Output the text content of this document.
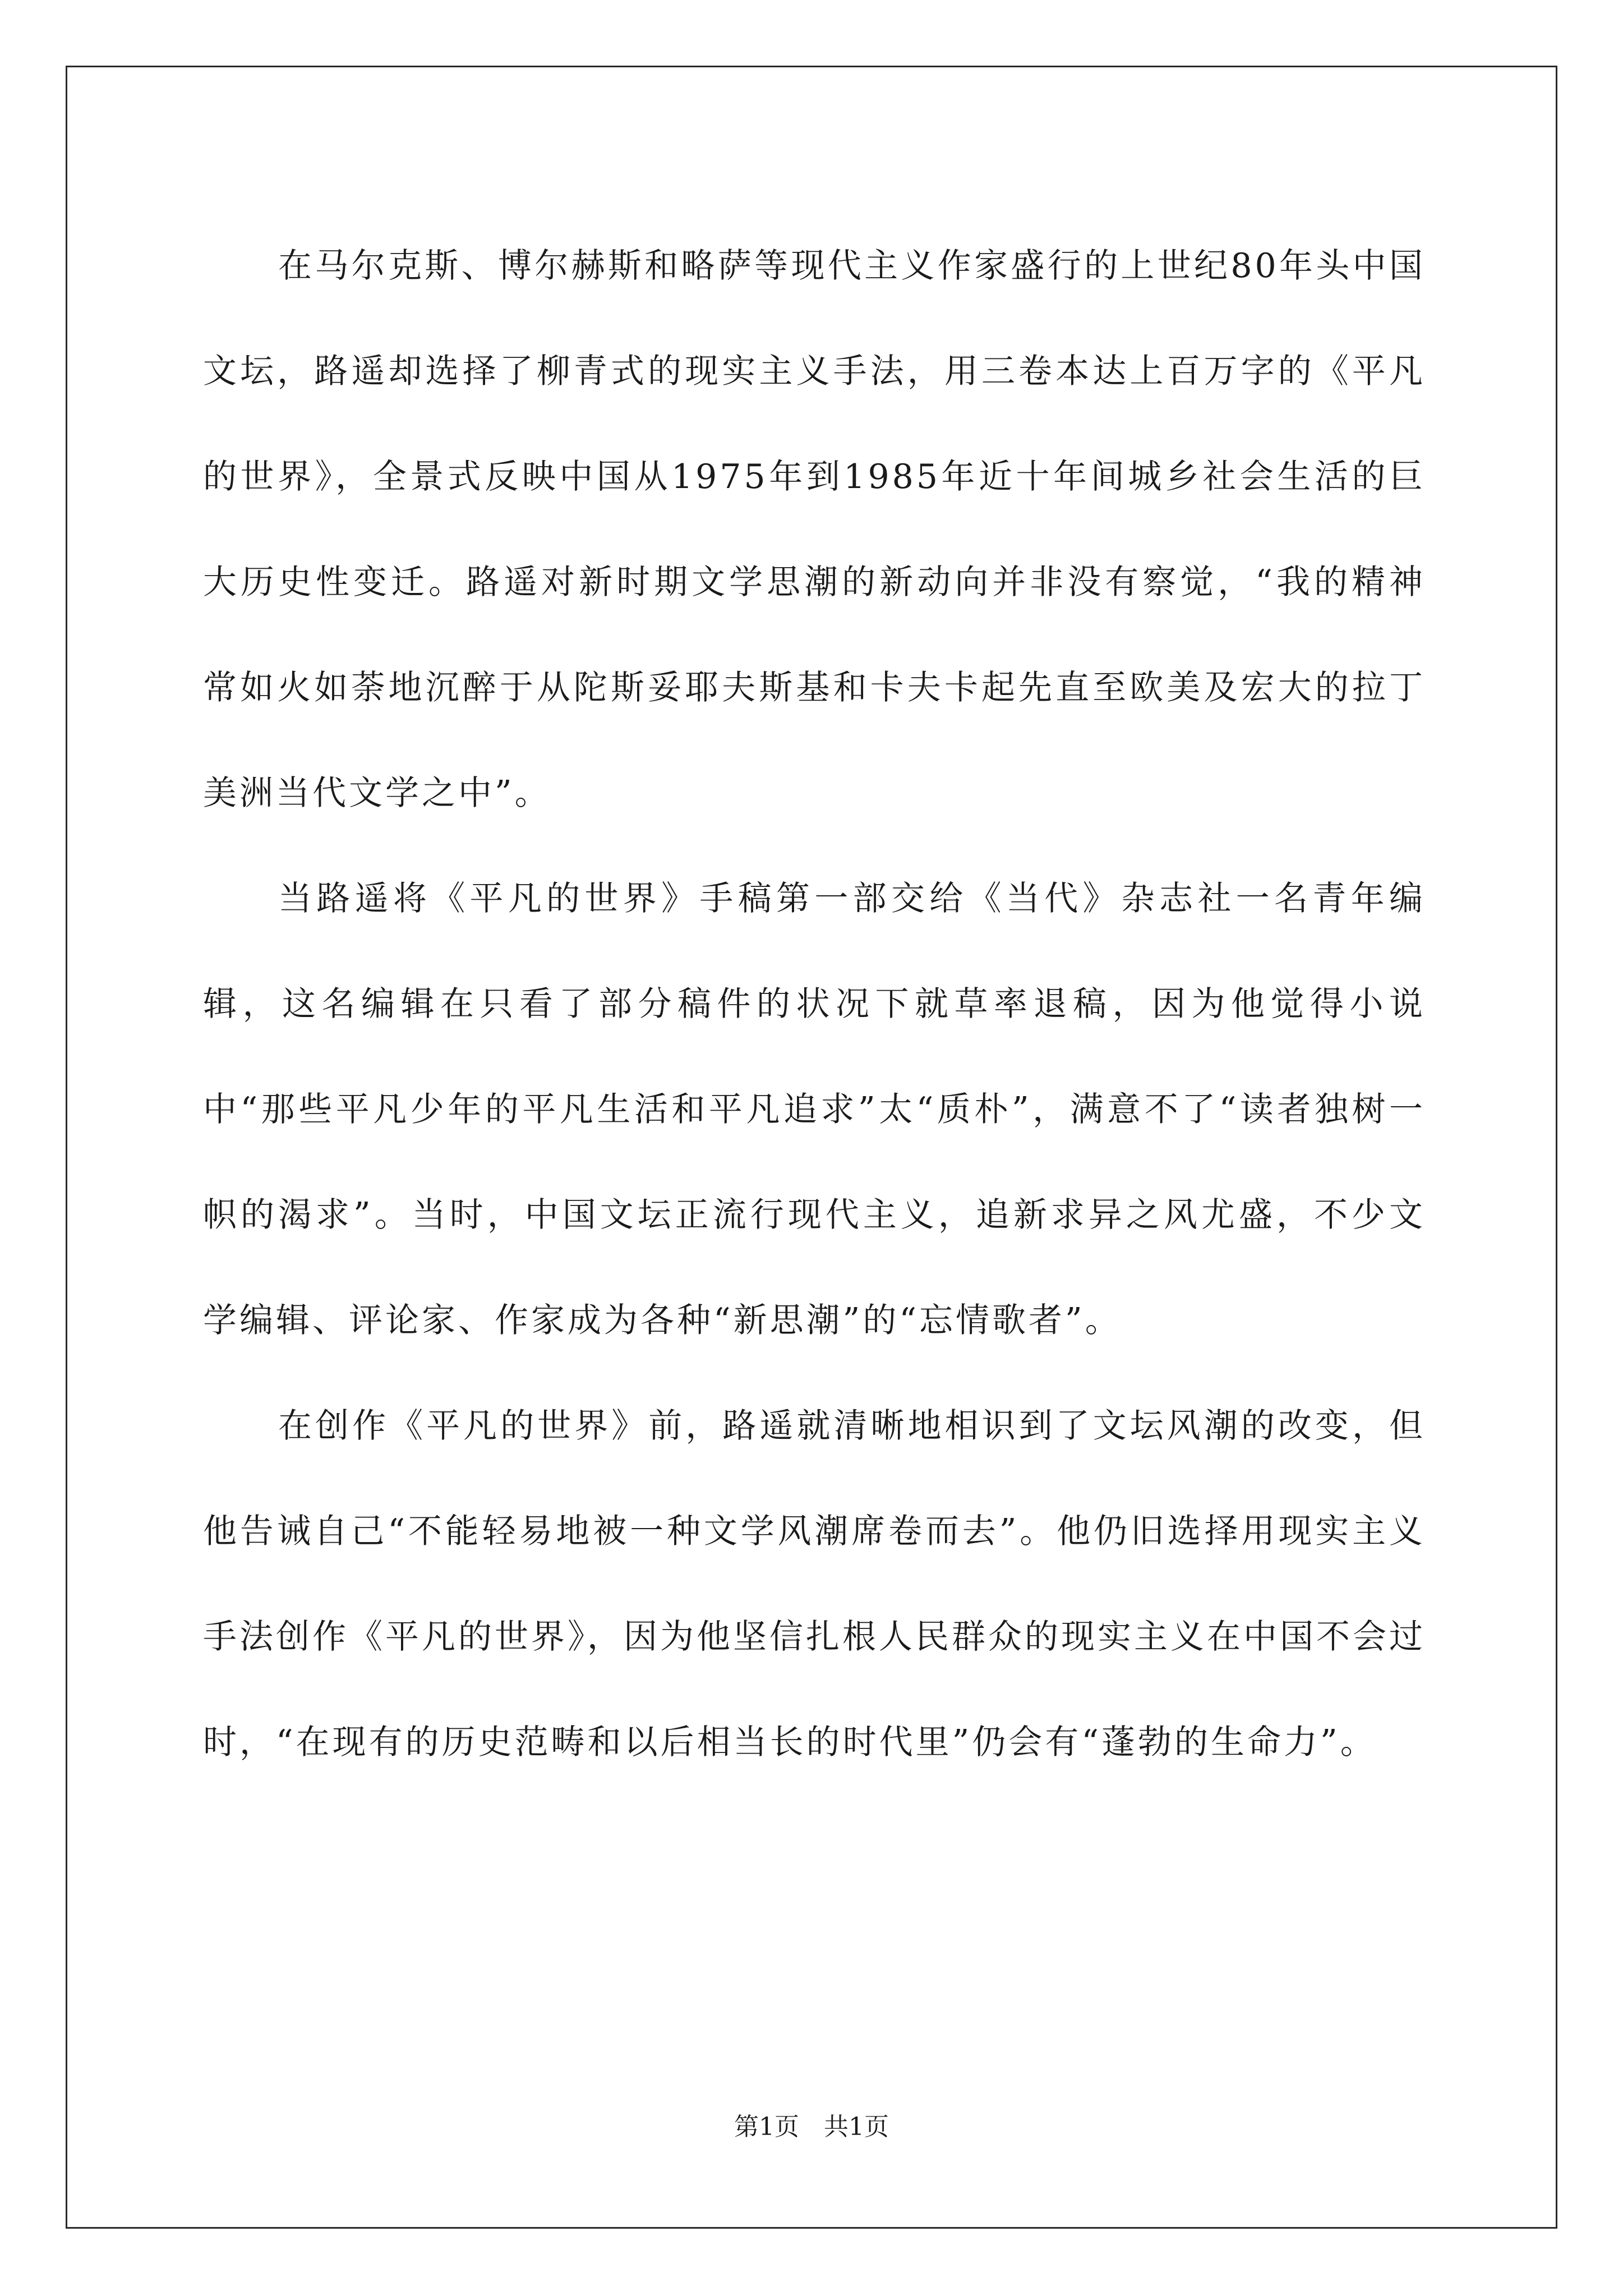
在马尔克斯、博尔赫斯和略萨等现代主义作家盛行的上世纪80年头中国文坛，路遥却选择了柳青式的现实主义手法，用三卷本达上百万字的《平凡的世界》，全景式反映中国从1975年到1985年近十年间城乡社会生活的巨大历史性变迁。路遥对新时期文学思潮的新动向并非没有察觉，“我的精神常如火如荼地沉醉于从陀斯妥耶夫斯基和卡夫卡起先直至欧美及宏大的拉丁美洲当代文学之中”。

当路遥将《平凡的世界》手稿第一部交给《当代》杂志社一名青年编辑，这名编辑在只看了部分稿件的状况下就草率退稿，因为他觉得小说中“那些平凡少年的平凡生活和平凡追求”太“质朴”，满意不了“读者独树一帜的渴求”。当时，中国文坛正流行现代主义，追新求异之风尤盛，不少文学编辑、评论家、作家成为各种“新思潮”的“忘情歌者”。

在创作《平凡的世界》前，路遥就清晰地相识到了文坛风潮的改变，但他告诫自己“不能轻易地被一种文学风潮席卷而去”。他仍旧选择用现实主义手法创作《平凡的世界》，因为他坚信扎根人民群众的现实主义在中国不会过时，“在现有的历史范畴和以后相当长的时代里”仍会有“蓬勃的生命力”。

第1页 共1页
